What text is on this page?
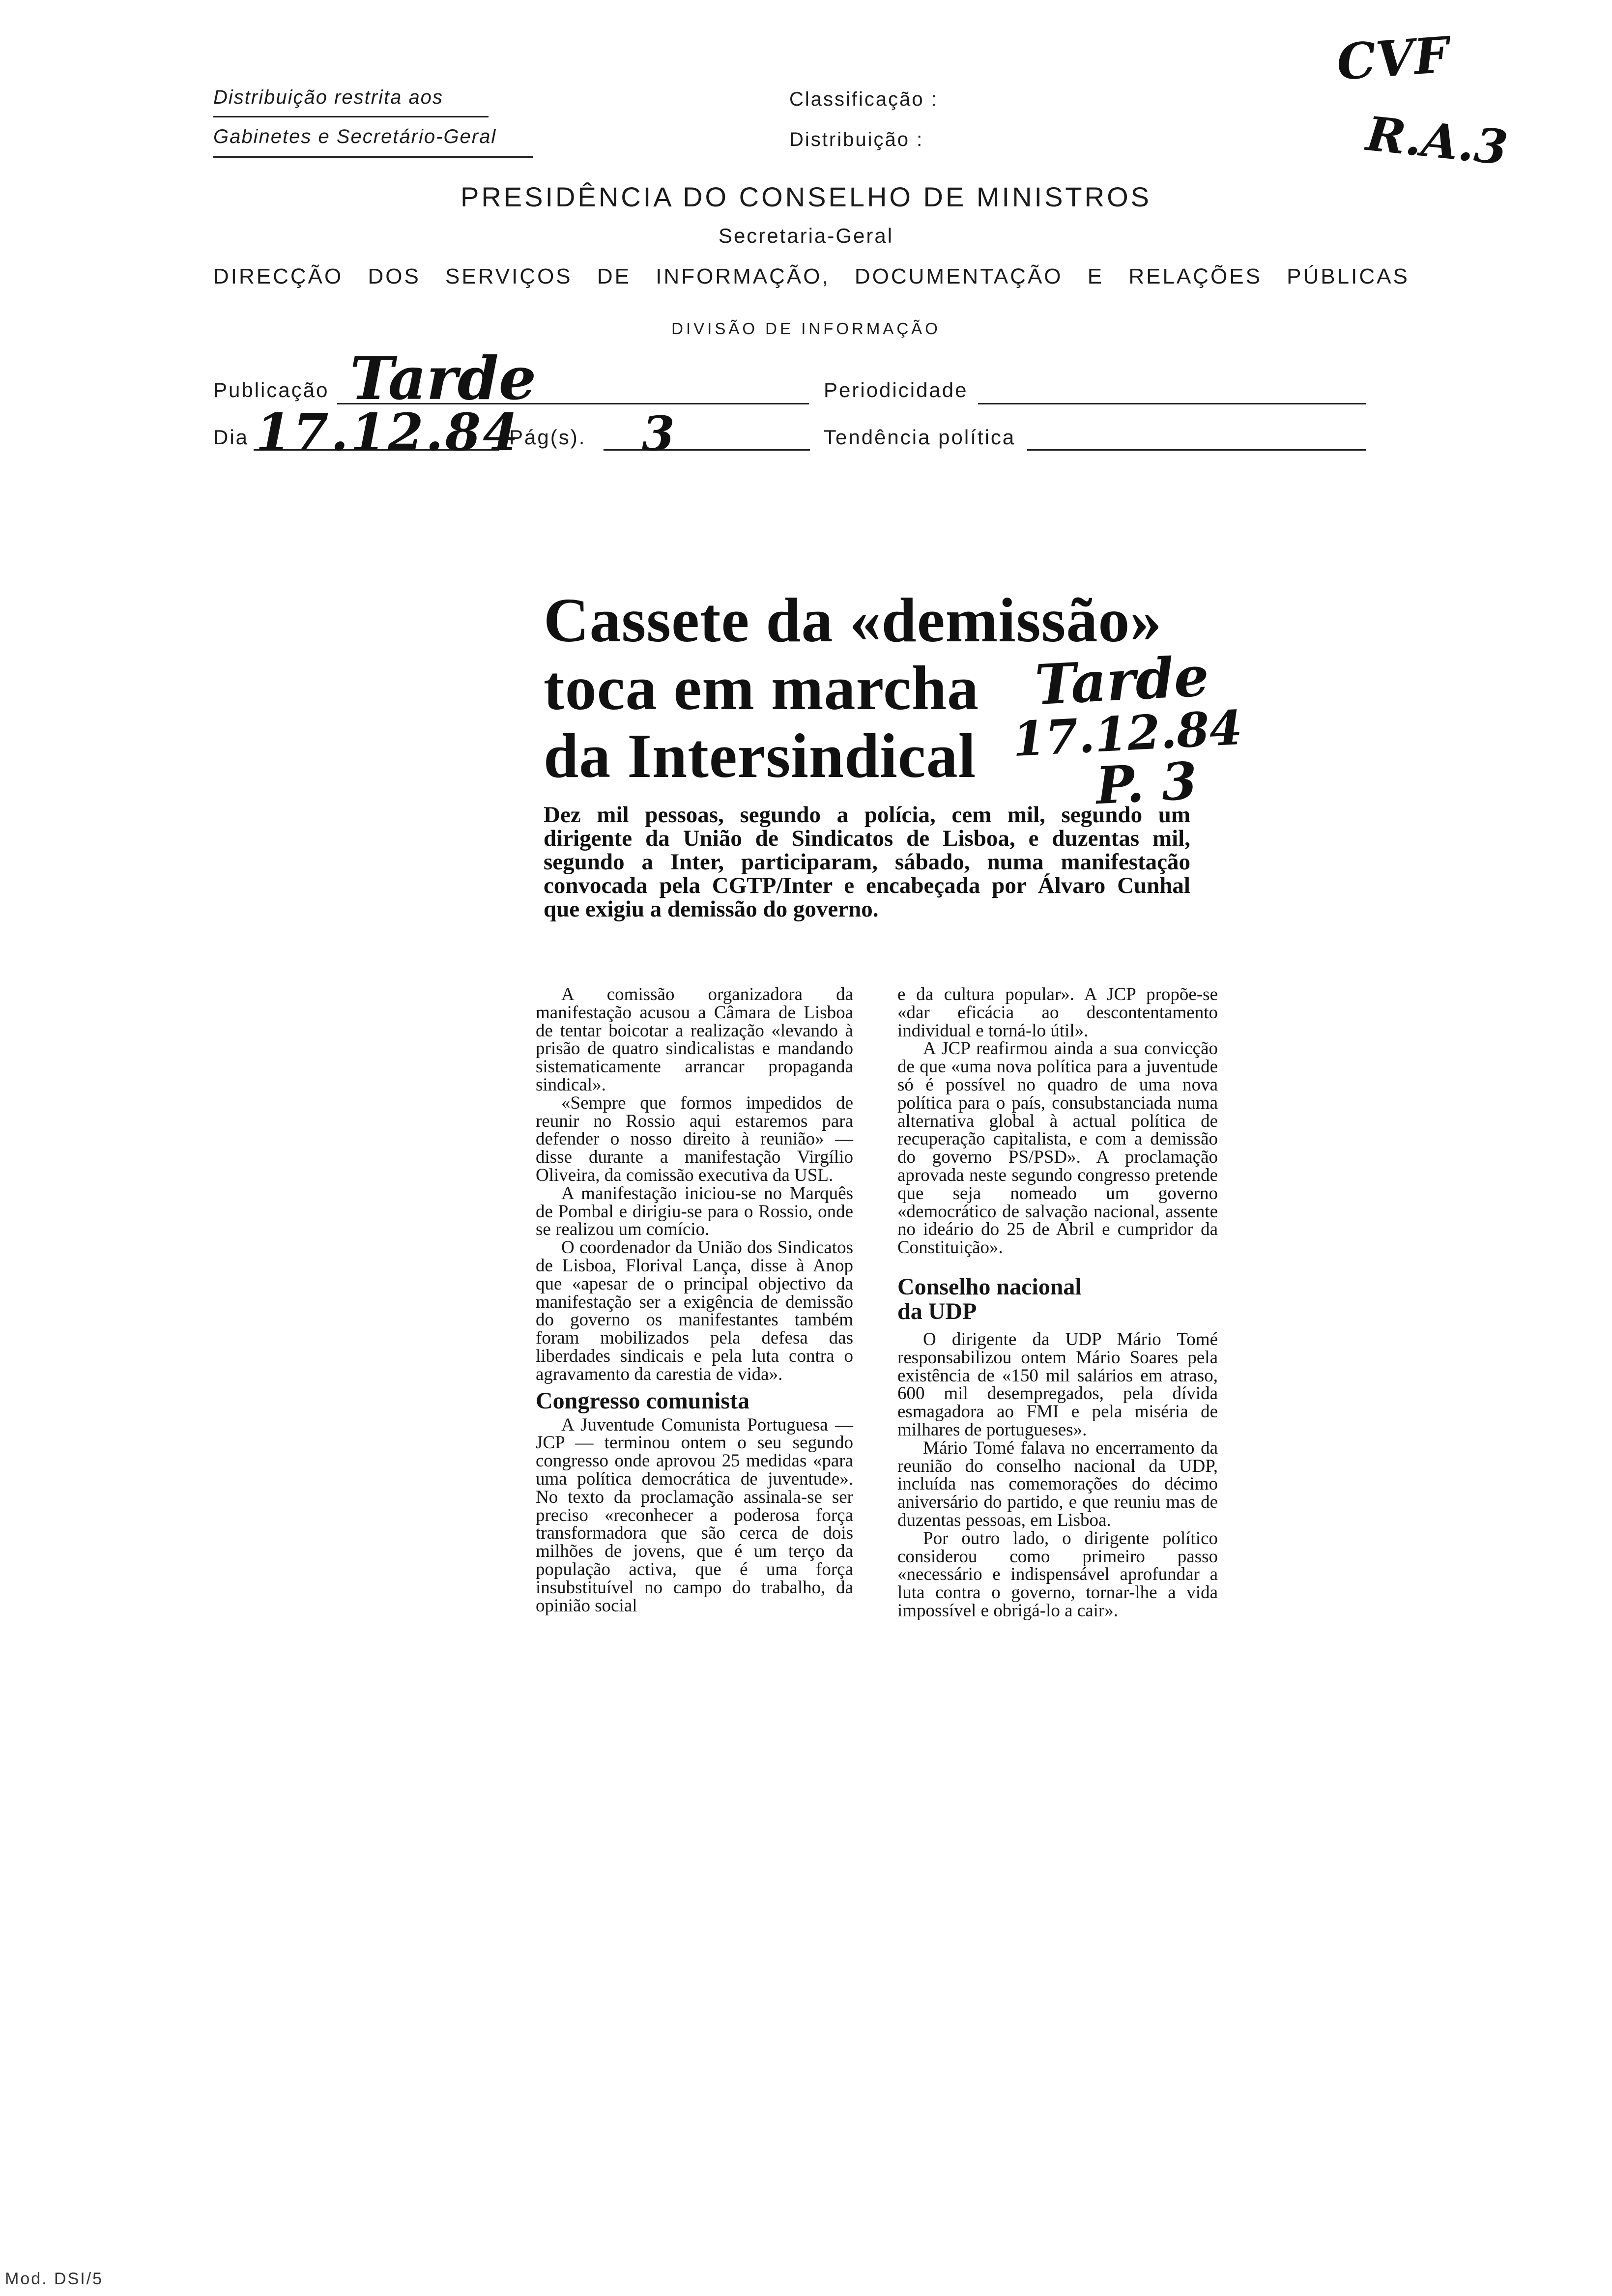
Distribuição restrita aos
Gabinetes e Secretário-Geral
Classificação :
Distribuição :
CVF
R.A.3
PRESIDÊNCIA DO CONSELHO DE MINISTROS
Secretaria-Geral
DIRECÇÃO DOS SERVIÇOS DE INFORMAÇÃO, DOCUMENTAÇÃO E RELAÇÕES PÚBLICAS
DIVISÃO DE INFORMAÇÃO
Publicação Tarde	Periodicidade
Dia 17.12.84
Pág(s). 3	Tendência política
Cassete da «demissão»
toca em marcha
da Intersindical
Tarde
17.12.84
P. 3
Dez mil pessoas, segundo a polícia, cem mil, segundo um dirigente da União de Sindicatos de Lisboa, e duzentas mil, segundo a Inter, participaram, sábado, numa manifestação convocada pela CGTP/Inter e encabeçada por Álvaro Cunhal que exigiu a demissão do governo.

A comissão organizadora da manifestação acusou a Câmara de Lisboa de tentar boicotar a realização «levando à prisão de quatro sindicalistas e mandando sistematicamente arrancar propaganda sindical».

«Sempre que formos impedidos de reunir no Rossio aqui estaremos para defender o nosso direito à reunião» — disse durante a manifestação Virgílio Oliveira, da comissão executiva da USL.

A manifestação iniciou-se no Marquês de Pombal e dirigiu-se para o Rossio, onde se realizou um comício.

O coordenador da União dos Sindicatos de Lisboa, Florival Lança, disse à Anop que «apesar de o principal objectivo da manifestação ser a exigência de demissão do governo os manifestantes também foram mobilizados pela defesa das liberdades sindicais e pela luta contra o agravamento da carestia de vida».

Congresso comunista

A Juventude Comunista Portuguesa — JCP — terminou ontem o seu segundo congresso onde aprovou 25 medidas «para uma política democrática de juventude». No texto da proclamação assinala-se ser preciso «reconhecer a poderosa força transformadora que são cerca de dois milhões de jovens, que é um terço da população activa, que é uma força insubstituível no campo do trabalho, da opinião social

e da cultura popular». A JCP propõe-se «dar eficácia ao descontentamento individual e torná-lo útil».

A JCP reafirmou ainda a sua convicção de que «uma nova política para a juventude só é possível no quadro de uma nova política para o país, consubstanciada numa alternativa global à actual política de recuperação capitalista, e com a demissão do governo PS/PSD». A proclamação aprovada neste segundo congresso pretende que seja nomeado um governo «democrático de salvação nacional, assente no ideário do 25 de Abril e cumpridor da Constituição».

Conselho nacional
da UDP

O dirigente da UDP Mário Tomé responsabilizou ontem Mário Soares pela existência de «150 mil salários em atraso, 600 mil desempregados, pela dívida esmagadora ao FMI e pela miséria de milhares de portugueses».

Mário Tomé falava no encerramento da reunião do conselho nacional da UDP, incluída nas comemorações do décimo aniversário do partido, e que reuniu mas de duzentas pessoas, em Lisboa.

Por outro lado, o dirigente político considerou como primeiro passo «necessário e indispensável aprofundar a luta contra o governo, tornar-lhe a vida impossível e obrigá-lo a cair».

Mod. DSI/5
